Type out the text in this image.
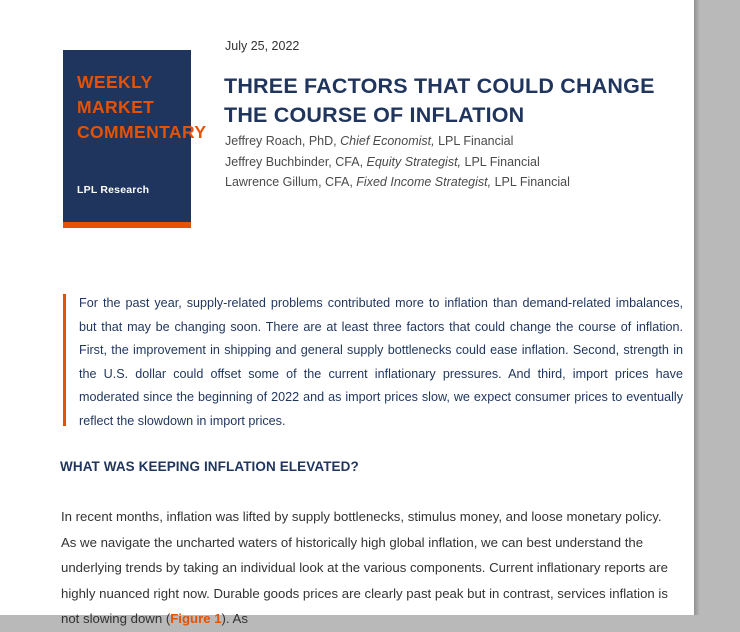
WEEKLY MARKET COMMENTARY
LPL Research
July 25, 2022
THREE FACTORS THAT COULD CHANGE THE COURSE OF INFLATION
Jeffrey Roach, PhD, Chief Economist, LPL Financial
Jeffrey Buchbinder, CFA, Equity Strategist, LPL Financial
Lawrence Gillum, CFA, Fixed Income Strategist, LPL Financial
For the past year, supply-related problems contributed more to inflation than demand-related imbalances, but that may be changing soon. There are at least three factors that could change the course of inflation. First, the improvement in shipping and general supply bottlenecks could ease inflation. Second, strength in the U.S. dollar could offset some of the current inflationary pressures. And third, import prices have moderated since the beginning of 2022 and as import prices slow, we expect consumer prices to eventually reflect the slowdown in import prices.
WHAT WAS KEEPING INFLATION ELEVATED?
In recent months, inflation was lifted by supply bottlenecks, stimulus money, and loose monetary policy. As we navigate the uncharted waters of historically high global inflation, we can best understand the underlying trends by taking an individual look at the various components. Current inflationary reports are highly nuanced right now. Durable goods prices are clearly past peak but in contrast, services inflation is not slowing down (Figure 1). As
